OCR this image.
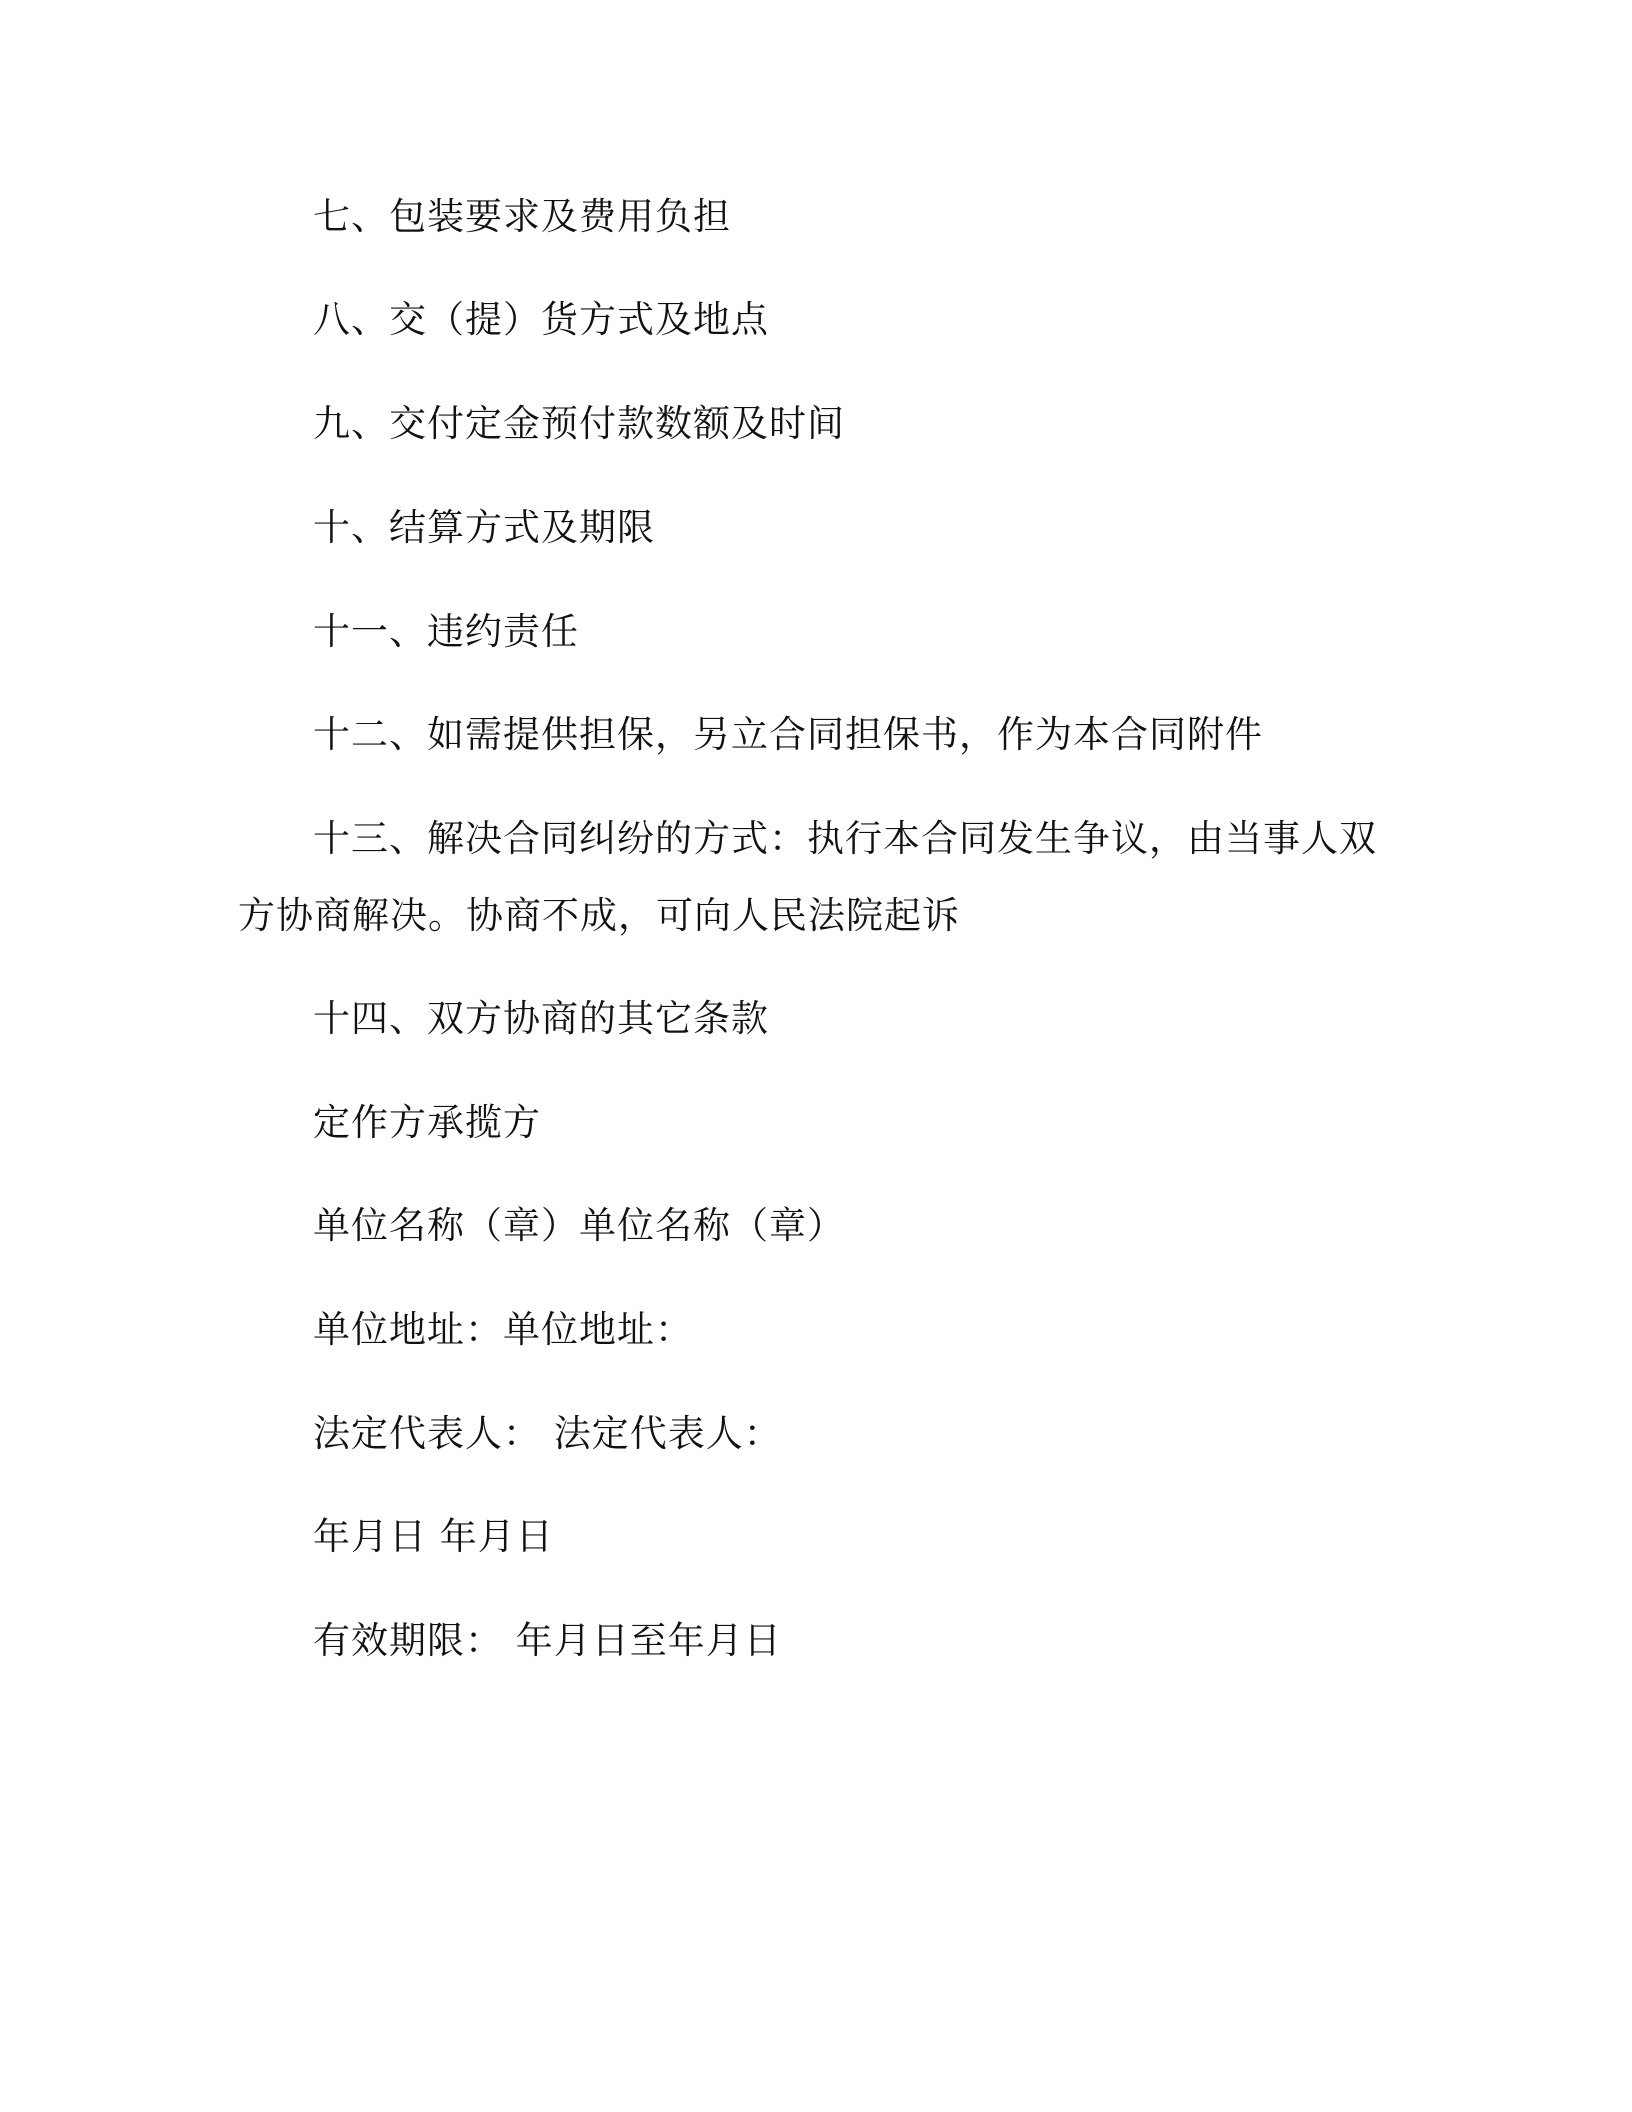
七、包装要求及费用负担
八、交（提）货方式及地点
九、交付定金预付款数额及时间
十、结算方式及期限
十一、违约责任
十二、如需提供担保，另立合同担保书，作为本合同附件
十三、解决合同纠纷的方式：执行本合同发生争议，由当事人双
方协商解决。协商不成，可向人民法院起诉
十四、双方协商的其它条款
定作方承揽方
单位名称（章）单位名称（章）
单位地址：单位地址：
法定代表人： 法定代表人：
年月日 年月日
有效期限： 年月日至年月日
